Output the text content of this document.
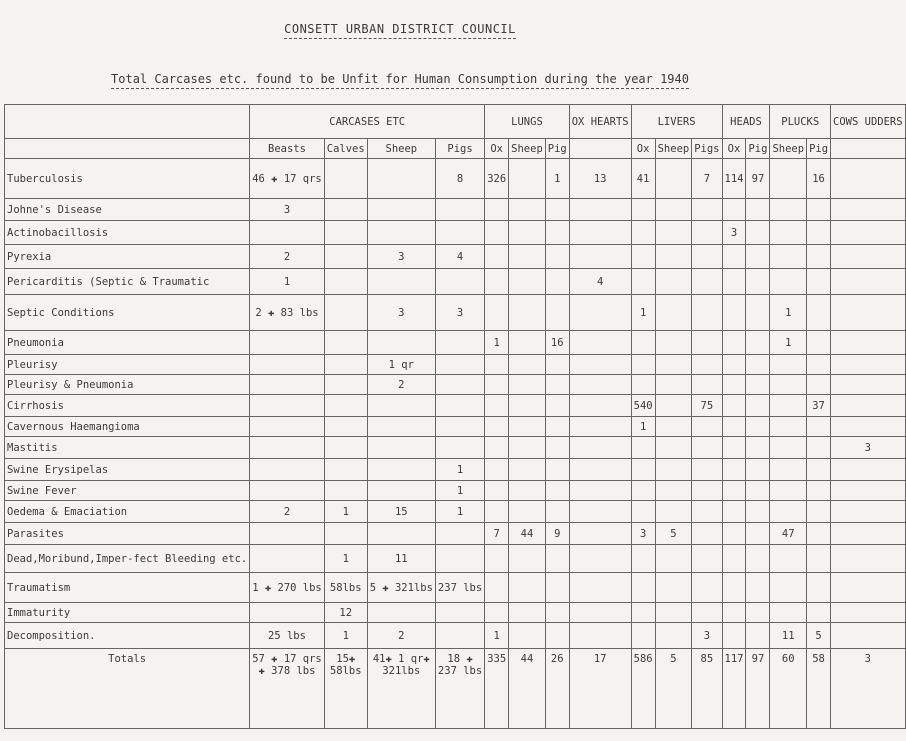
CONSETT URBAN DISTRICT COUNCIL
Total Carcases etc. found to be Unfit for Human Consumption during the year 1940
	CARCASES ETC				LUNGS			OX HEARTS	LIVERS			HEADS		PLUCKS		COWS UDDERS
	Beasts	Calves	Sheep	Pigs	Ox	Sheep	Pig		Ox	Sheep	Pigs	Ox	Pig	Sheep	Pig	
Tuberculosis	46 ✚ 17 qrs			8	326		1	13	41		7	114	97		16	
Johne's Disease	3															
Actinobacillosis												3				
Pyrexia	2		3	4												
Pericarditis (Septic & Traumatic	1							4								
Septic Conditions	2 ✚ 83 lbs		3	3					1					1		
Pneumonia					1		16							1		
Pleurisy			1 qr													
Pleurisy & Pneumonia			2													
Cirrhosis									540		75				37	
Cavernous Haemangioma									1							
Mastitis																3
Swine Erysipelas				1												
Swine Fever				1												
Oedema & Emaciation	2	1	15	1												
Parasites					7	44	9		3	5				47		
Dead,Moribund,Imper-fect Bleeding etc.		1	11													
Traumatism	1 ✚ 270 lbs	58lbs	5 ✚ 321lbs	237 lbs												
Immaturity		12														
Decomposition.	25 lbs	1	2		1						3			11	5	
Totals	57 ✚ 17 qrs ✚ 378 lbs	15✚ 58lbs	41✚ 1 qr✚ 321lbs	18 ✚ 237 lbs	335	44	26	17	586	5	85	117	97	60	58	3
